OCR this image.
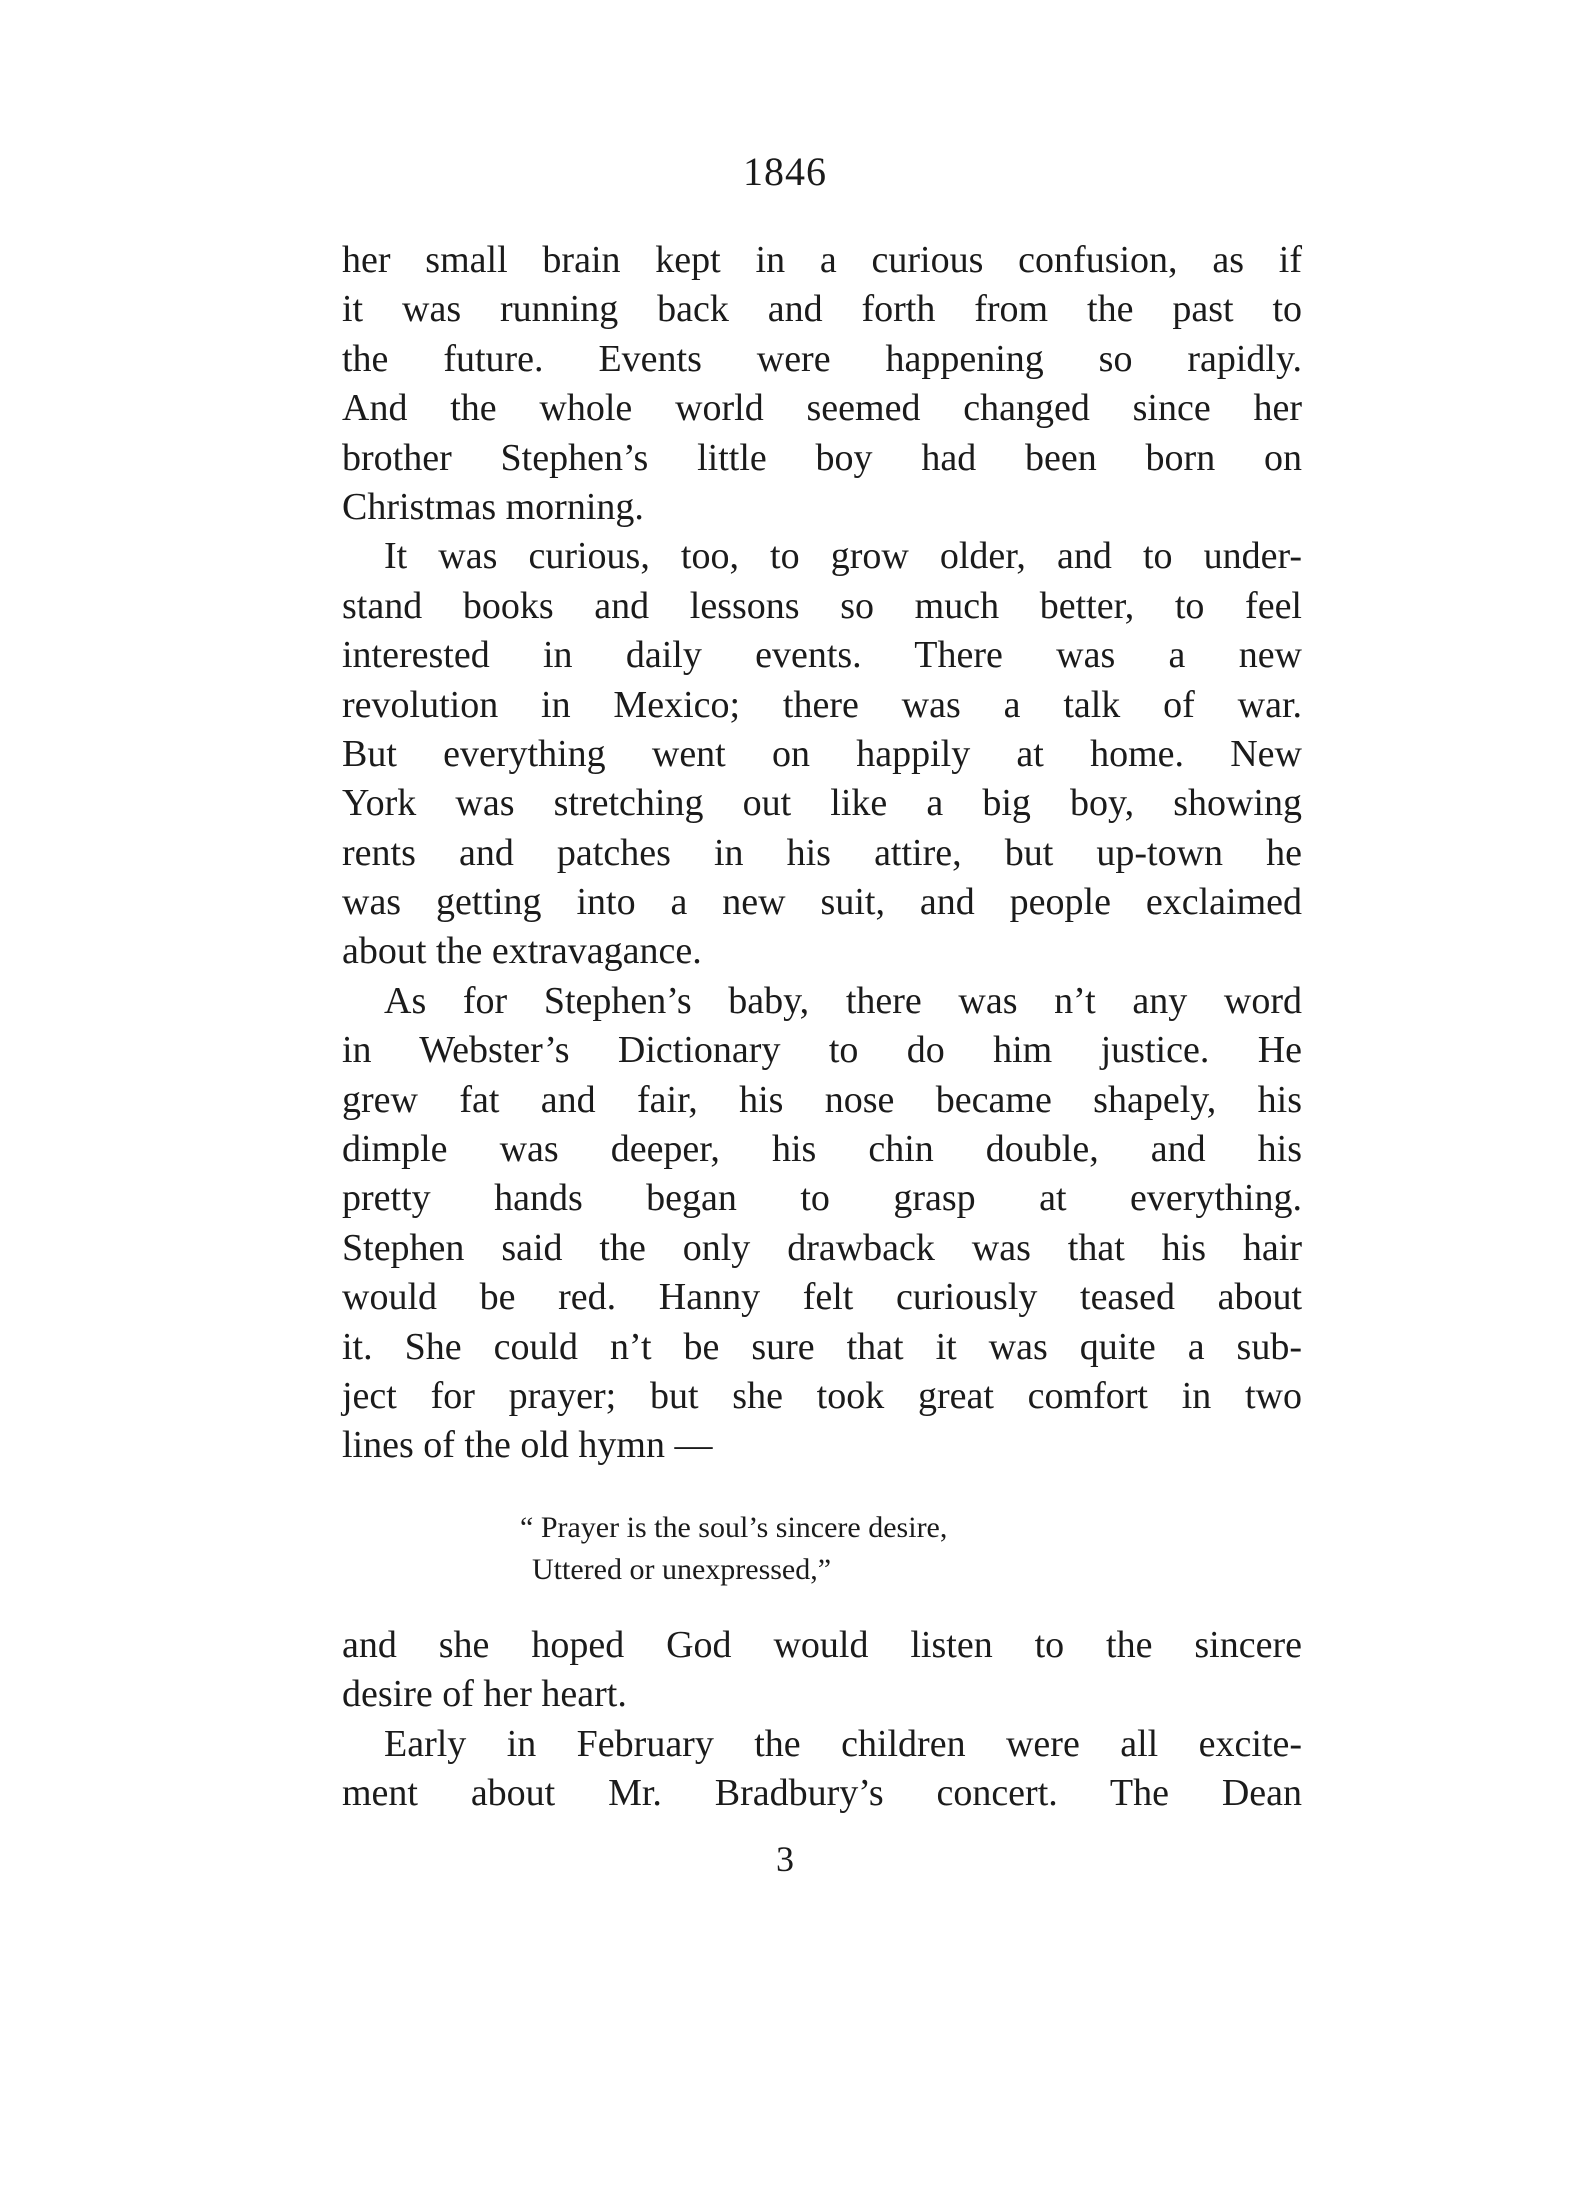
1846
her small brain kept in a curious confusion, as if
it was running back and forth from the past to
the future. Events were happening so rapidly.
And the whole world seemed changed since her
brother Stephen’s little boy had been born on
Christmas morning.
It was curious, too, to grow older, and to under-
stand books and lessons so much better, to feel
interested in daily events. There was a new
revolution in Mexico; there was a talk of war.
But everything went on happily at home. New
York was stretching out like a big boy, showing
rents and patches in his attire, but up-town he
was getting into a new suit, and people exclaimed
about the extravagance.
As for Stephen’s baby, there was n’t any word
in Webster’s Dictionary to do him justice. He
grew fat and fair, his nose became shapely, his
dimple was deeper, his chin double, and his
pretty hands began to grasp at everything.
Stephen said the only drawback was that his hair
would be red. Hanny felt curiously teased about
it. She could n’t be sure that it was quite a sub-
ject for prayer; but she took great comfort in two
lines of the old hymn —
“ Prayer is the soul’s sincere desire,
Uttered or unexpressed,”
and she hoped God would listen to the sincere
desire of her heart.
Early in February the children were all excite-
ment about Mr. Bradbury’s concert. The Dean
3
